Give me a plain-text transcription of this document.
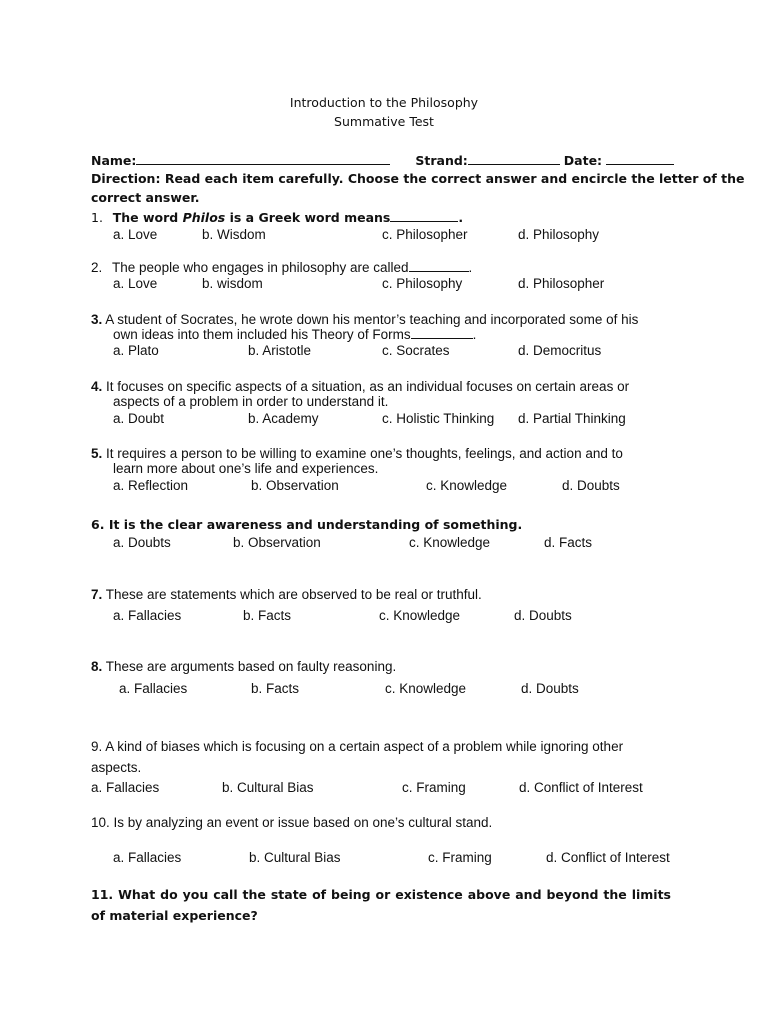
Introduction to the Philosophy
Summative Test
Name:	Strand:	Date:
Direction: Read each item carefully. Choose the correct answer and encircle the letter of the
correct answer.
1. The word Philos is a Greek word means	.
a. Love	b. Wisdom	c. Philosopher	d. Philosophy
2. The people who engages in philosophy are called	.
a. Love	b. wisdom	c. Philosophy	d. Philosopher
3. A student of Socrates, he wrote down his mentor’s teaching and incorporated some of his
own ideas into them included his Theory of Forms	.
a. Plato	b. Aristotle	c. Socrates	d. Democritus
4. It focuses on specific aspects of a situation, as an individual focuses on certain areas or
aspects of a problem in order to understand it.
a. Doubt	b. Academy	c. Holistic Thinking d. Partial Thinking
5. It requires a person to be willing to examine one’s thoughts, feelings, and action and to
learn more about one’s life and experiences.
a. Reflection	b. Observation	c. Knowledge	d. Doubts
6. It is the clear awareness and understanding of something.
a. Doubts	b. Observation	c. Knowledge	d. Facts
7. These are statements which are observed to be real or truthful.
a. Fallacies	b. Facts	c. Knowledge	d. Doubts
8. These are arguments based on faulty reasoning.
a. Fallacies	b. Facts	c. Knowledge	d. Doubts
9. A kind of biases which is focusing on a certain aspect of a problem while ignoring other
aspects.
a. Fallacies	b. Cultural Bias	c. Framing	d. Conflict of Interest
10. Is by analyzing an event or issue based on one’s cultural stand.
a. Fallacies	b. Cultural Bias	c. Framing	d. Conflict of Interest
11. What do you call the state of being or existence above and beyond the limits of material experience?
